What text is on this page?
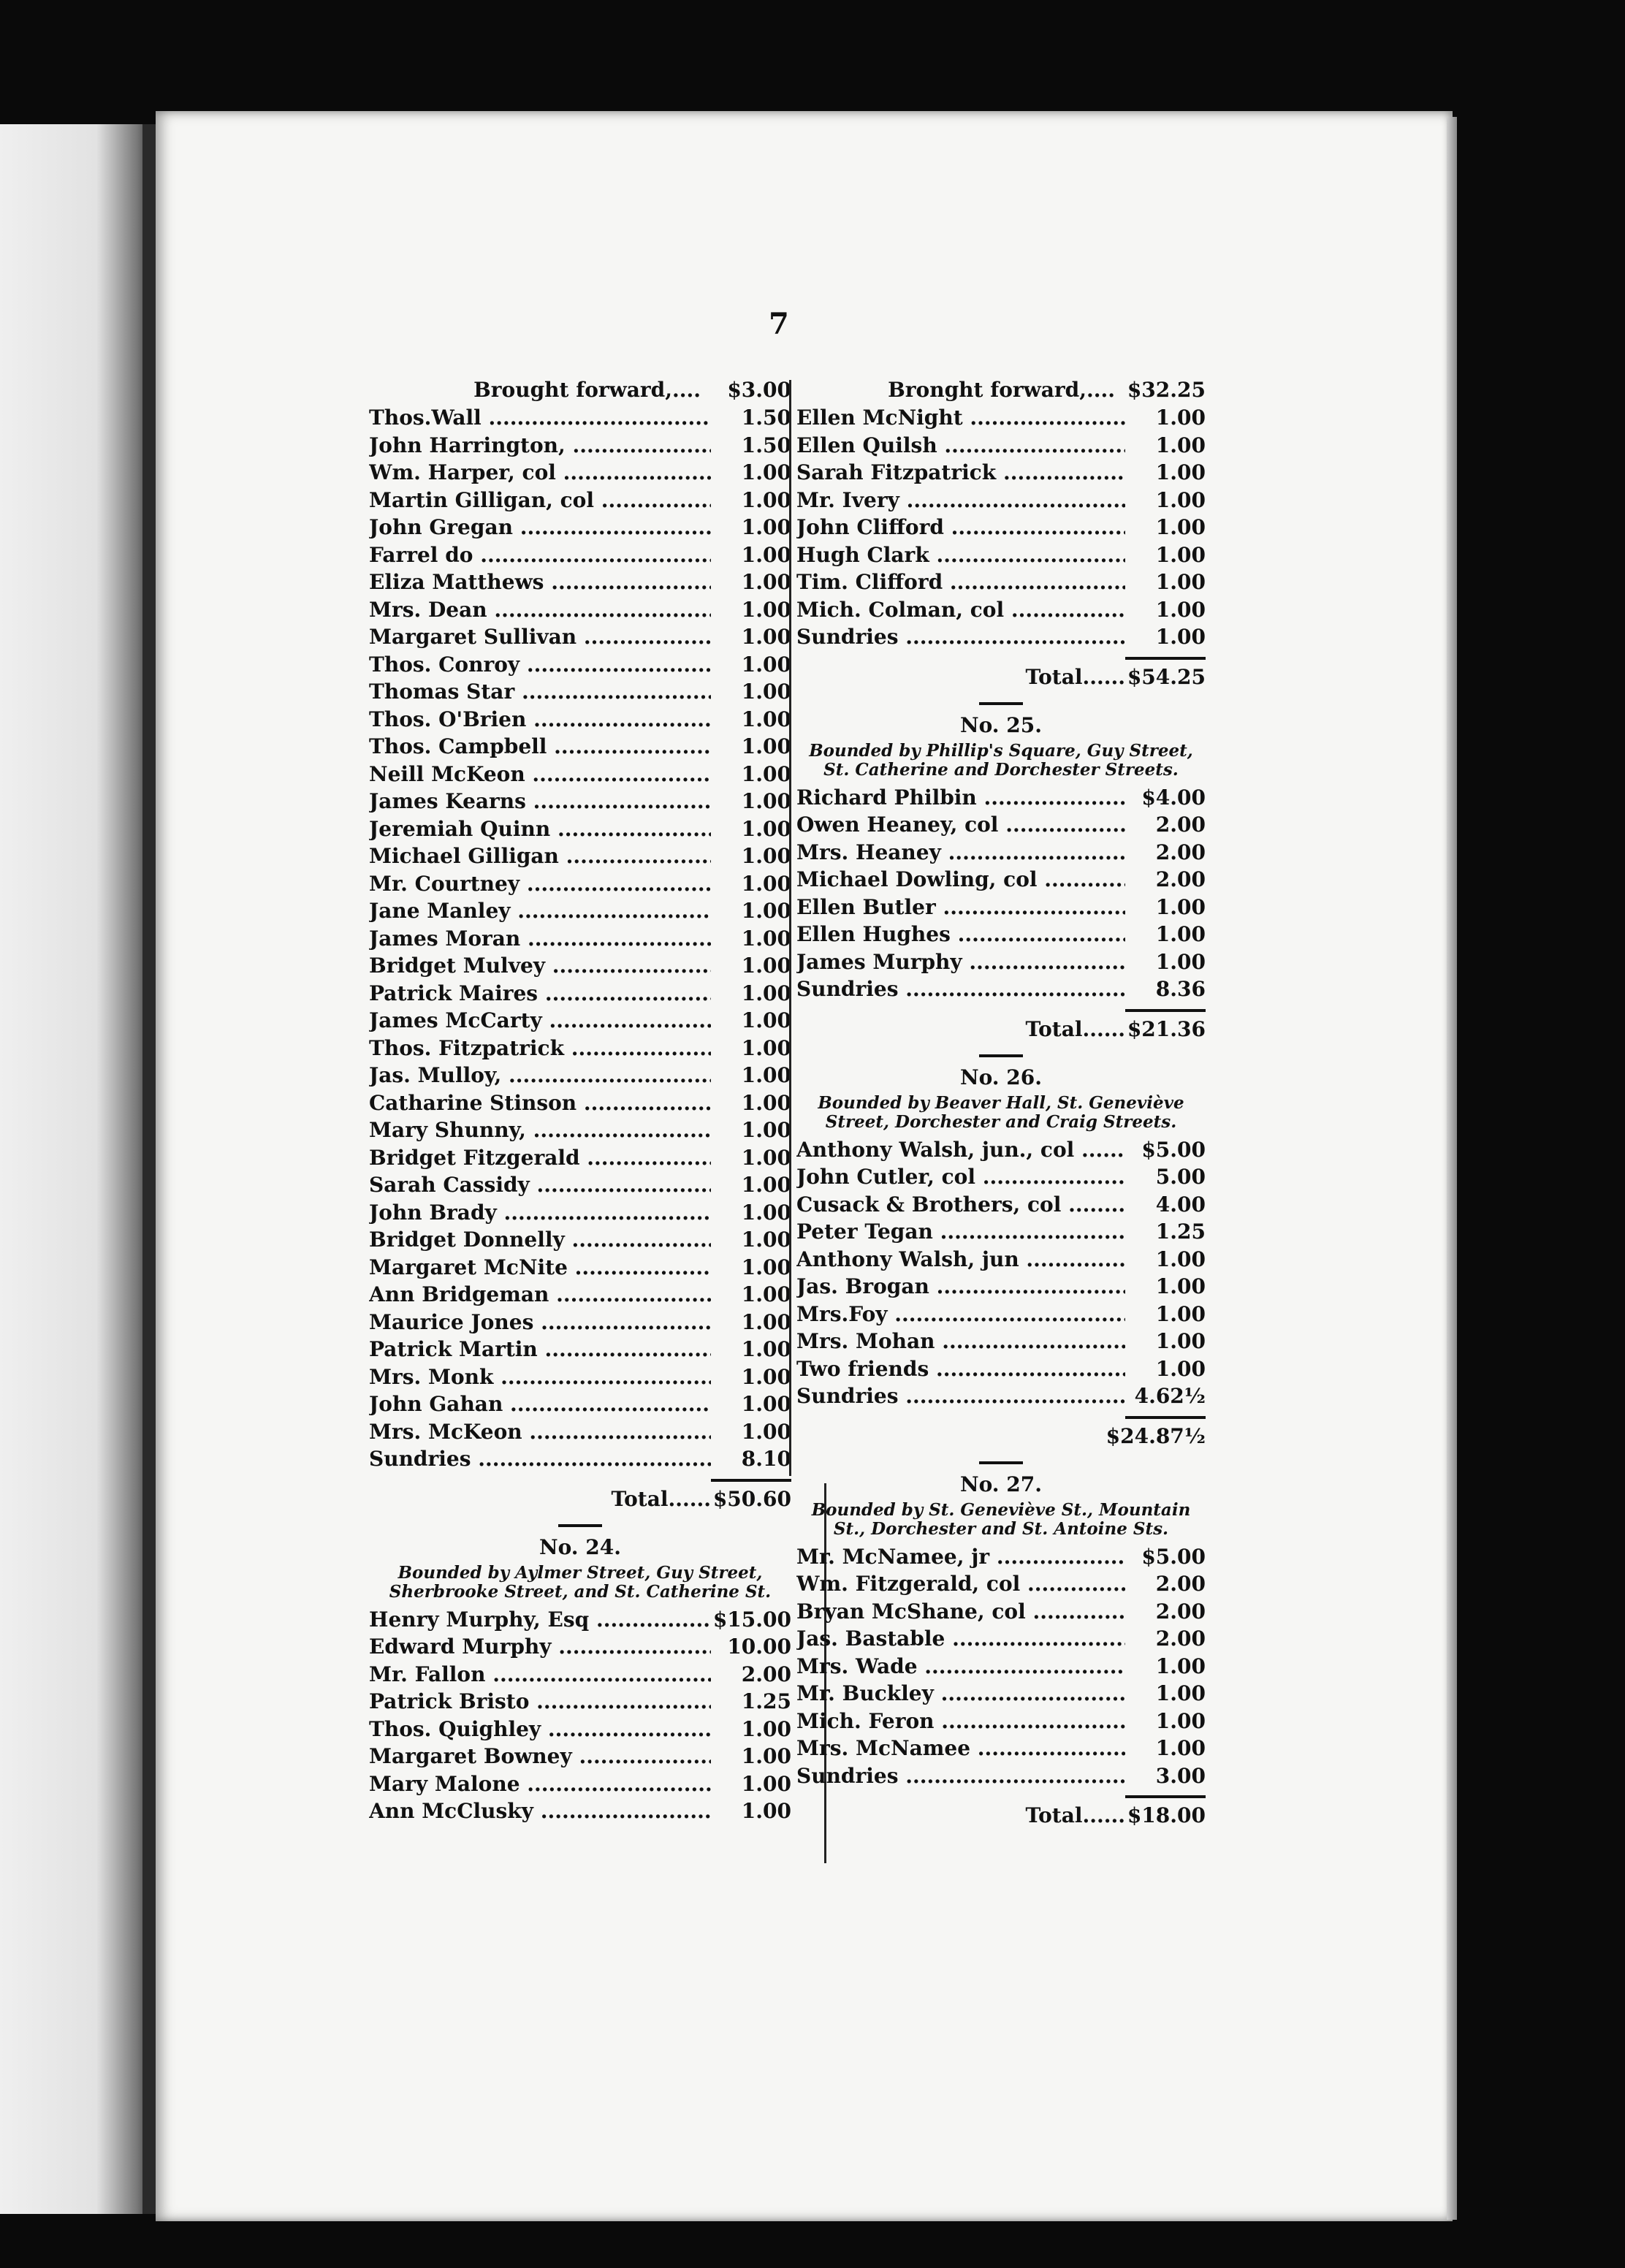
7
Brought forward,....	$3.00
Thos.Wall .....	1.50
John Harrington, .....	1.50
Wm. Harper, col .....	1.00
Martin Gilligan, col .....	1.00
John Gregan .....	1.00
Farrel do .....	1.00
Eliza Matthews .....	1.00
Mrs. Dean .....	1.00
Margaret Sullivan .....	1.00
Thos. Conroy .....	1.00
Thomas Star .....	1.00
Thos. O'Brien .....	1.00
Thos. Campbell .....	1.00
Neill McKeon .....	1.00
James Kearns .....	1.00
Jeremiah Quinn .....	1.00
Michael Gilligan .....	1.00
Mr. Courtney .....	1.00
Jane Manley .....	1.00
James Moran .....	1.00
Bridget Mulvey .....	1.00
Patrick Maires .....	1.00
James McCarty .....	1.00
Thos. Fitzpatrick .....	1.00
Jas. Mulloy, .....	1.00
Catharine Stinson .....	1.00
Mary Shunny, .....	1.00
Bridget Fitzgerald .....	1.00
Sarah Cassidy .....	1.00
John Brady .....	1.00
Bridget Donnelly .....	1.00
Margaret McNite .....	1.00
Ann Bridgeman .....	1.00
Maurice Jones .....	1.00
Patrick Martin .....	1.00
Mrs. Monk .....	1.00
John Gahan .....	1.00
Mrs. McKeon .....	1.00
Sundries .....	8.10
Total ......	$50.60
No. 24.
Bounded by Aylmer Street, Guy Street, Sherbrooke Street, and St. Catherine St.
Henry Murphy, Esq .....	$15.00
Edward Murphy .....	10.00
Mr. Fallon .....	2.00
Patrick Bristo .....	1.25
Thos. Quighley .....	1.00
Margaret Bowney .....	1.00
Mary Malone .....	1.00
Ann McClusky .....	1.00
Bronght forward,.... $32.25
Ellen McNight .....	1.00
Ellen Quilsh .....	1.00
Sarah Fitzpatrick .....	1.00
Mr. Ivery .....	1.00
John Clifford .....	1.00
Hugh Clark .....	1.00
Tim. Clifford .....	1.00
Mich. Colman, col .....	1.00
Sundries .....	1.00
Total ......	$54.25
No. 25.
Bounded by Phillip's Square, Guy Street, St. Catherine and Dorchester Streets.
Richard Philbin .....	$4.00
Owen Heaney, col .....	2.00
Mrs. Heaney .....	2.00
Michael Dowling, col .....	2.00
Ellen Butler .....	1.00
Ellen Hughes .....	1.00
James Murphy .....	1.00
Sundries .....	8.36
Total ......	$21.36
No. 26.
Bounded by Beaver Hall, St. Geneviève Street, Dorchester and Craig Streets.
Anthony Walsh, jun., col .....	$5.00
John Cutler, col .....	5.00
Cusack & Brothers, col .....	4.00
Peter Tegan .....	1.25
Anthony Walsh, jun .....	1.00
Jas. Brogan .....	1.00
Mrs.Foy .....	1.00
Mrs. Mohan .....	1.00
Two friends .....	1.00
Sundries .....	4.62½
$24.87½
No. 27.
Bounded by St. Geneviève St., Mountain St., Dorchester and St. Antoine Sts.
Mr. McNamee, jr .....	$5.00
Wm. Fitzgerald, col .....	2.00
Bryan McShane, col .....	2.00
Jas. Bastable .....	2.00
Mrs. Wade .....	1.00
Mr. Buckley .....	1.00
Mich. Feron .....	1.00
Mrs. McNamee .....	1.00
Sundries .....	3.00
Total ......	$18.00
